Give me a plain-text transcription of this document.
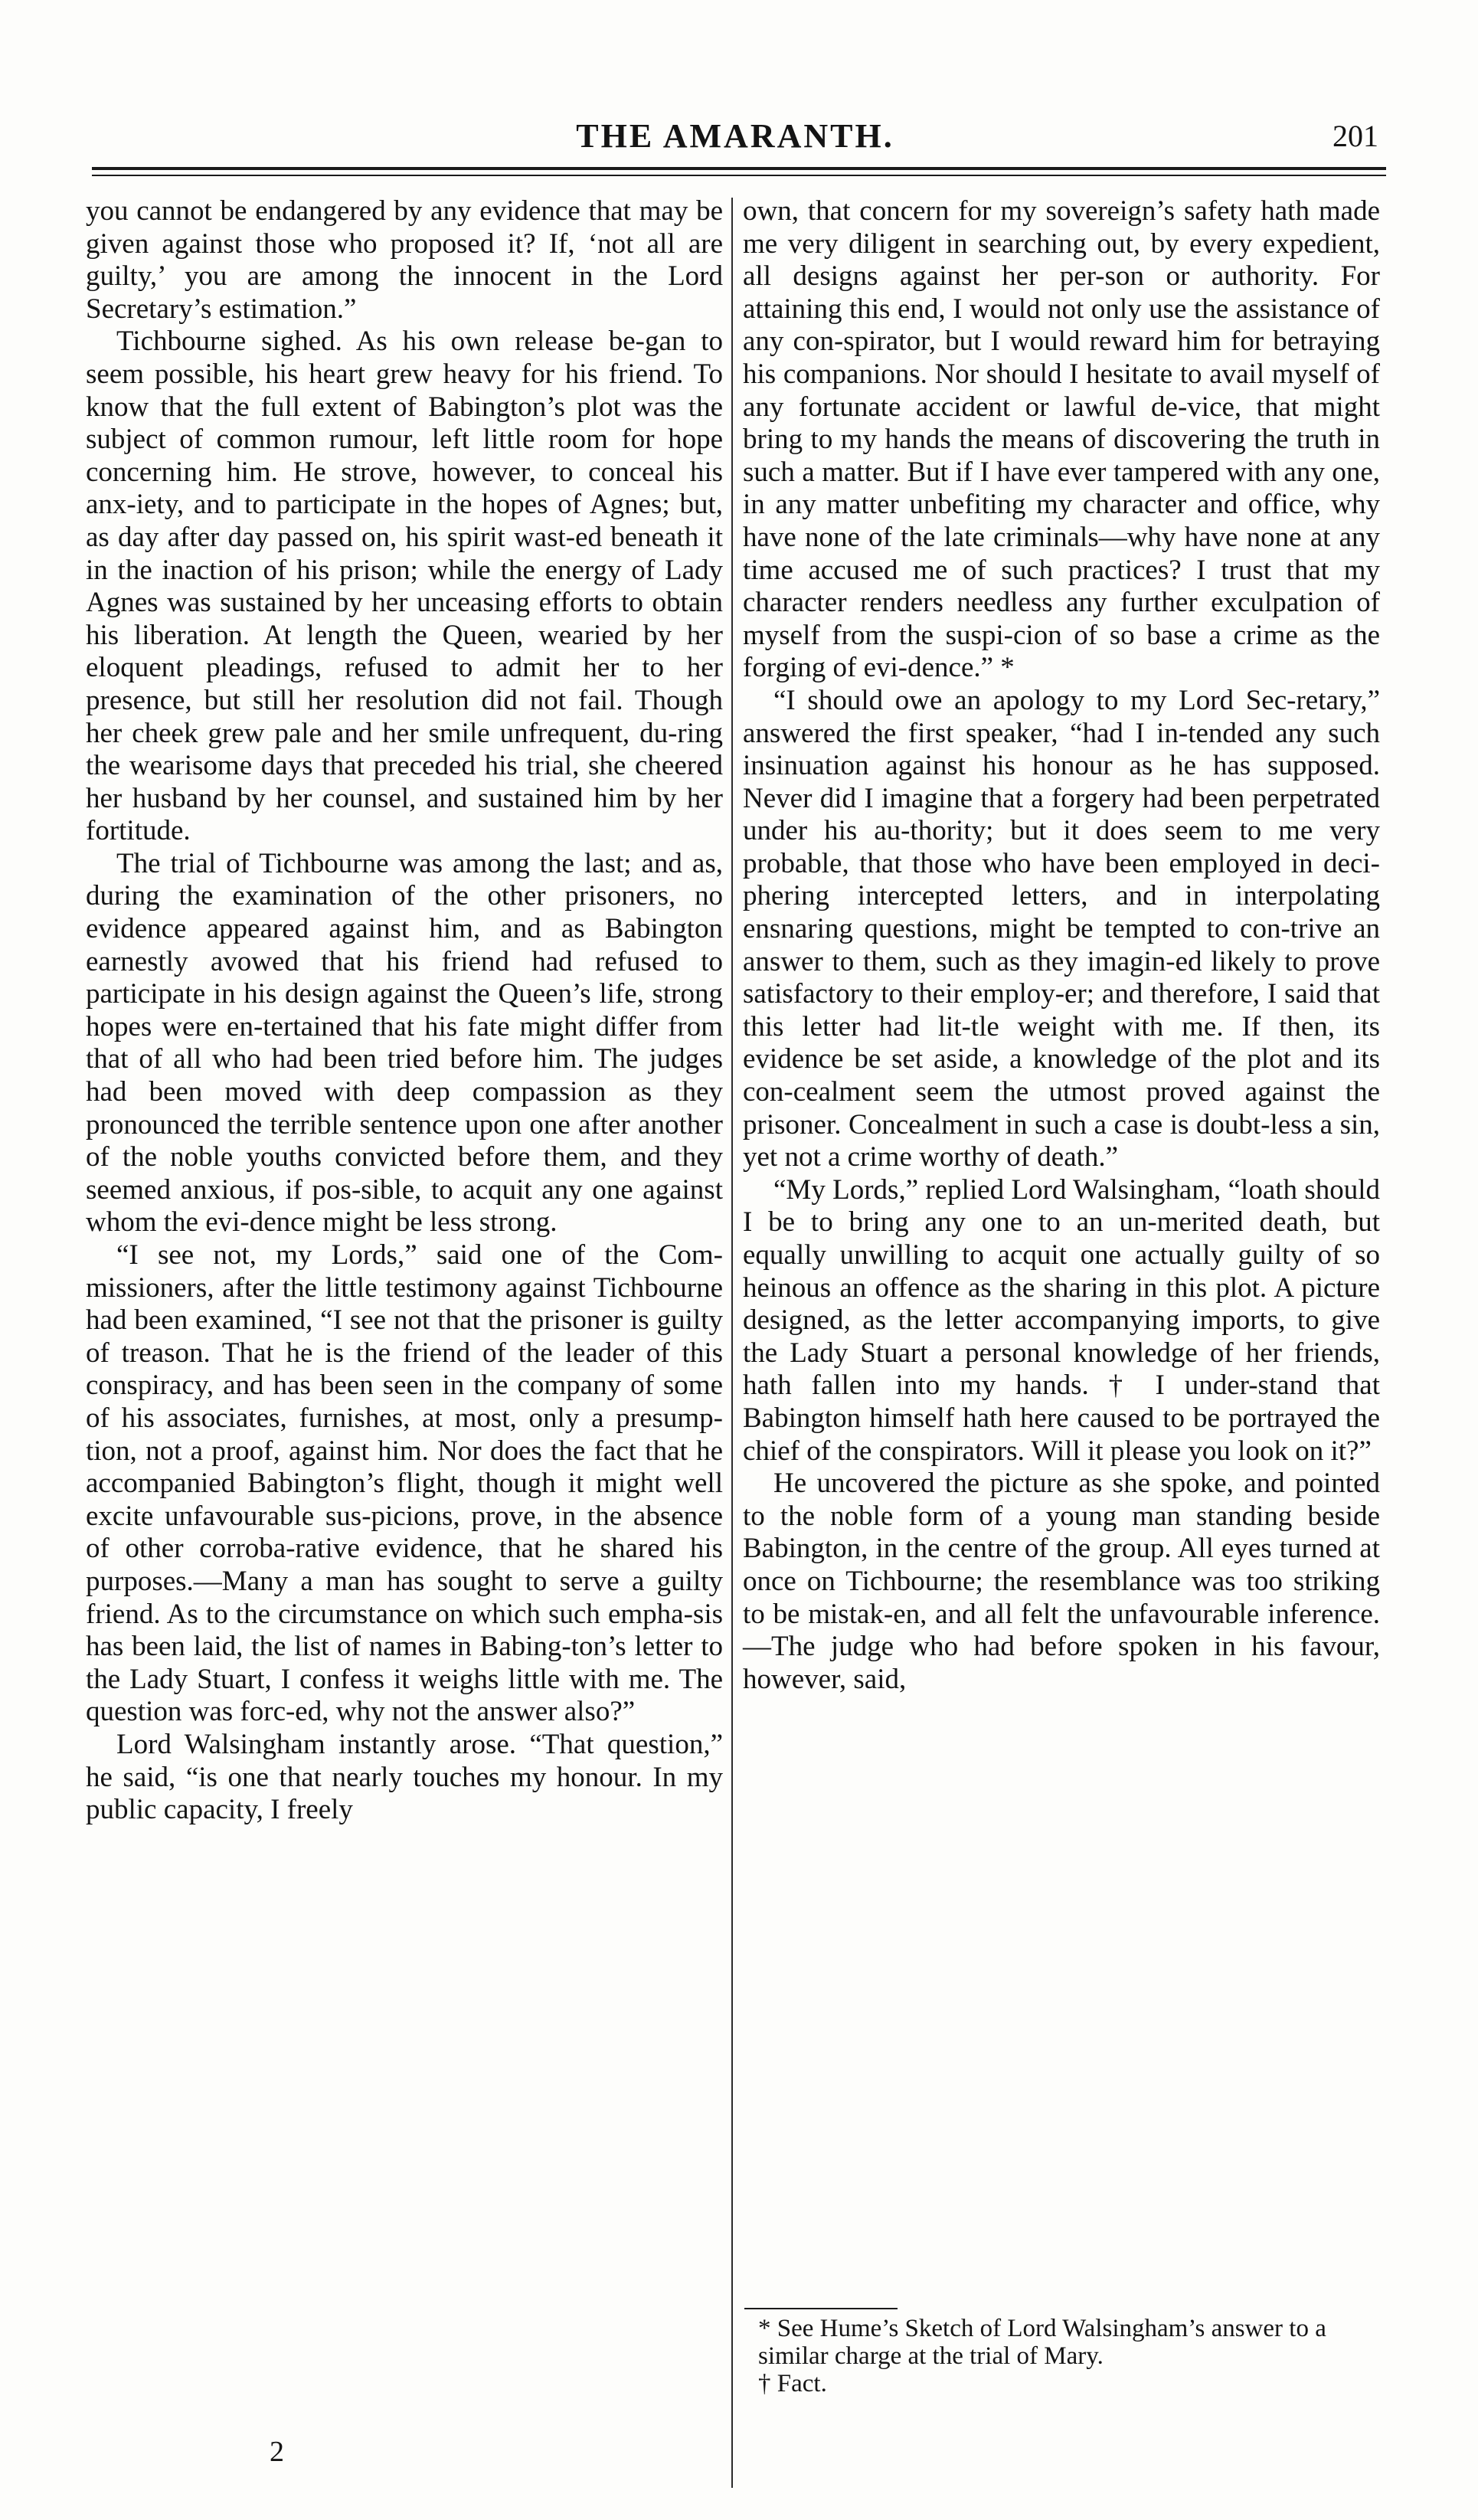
THE AMARANTH.	201

you cannot be endangered by any evidence that may be given against those who proposed it? If, ‘not all are guilty,’ you are among the innocent in the Lord Secretary’s estimation.”

Tichbourne sighed. As his own release be-gan to seem possible, his heart grew heavy for his friend. To know that the full extent of Babington’s plot was the subject of common rumour, left little room for hope concerning him. He strove, however, to conceal his anx-iety, and to participate in the hopes of Agnes; but, as day after day passed on, his spirit wast-ed beneath it in the inaction of his prison; while the energy of Lady Agnes was sustained by her unceasing efforts to obtain his liberation. At length the Queen, wearied by her eloquent pleadings, refused to admit her to her presence, but still her resolution did not fail. Though her cheek grew pale and her smile unfrequent, du-ring the wearisome days that preceded his trial, she cheered her husband by her counsel, and sustained him by her fortitude.

The trial of Tichbourne was among the last; and as, during the examination of the other prisoners, no evidence appeared against him, and as Babington earnestly avowed that his friend had refused to participate in his design against the Queen’s life, strong hopes were en-tertained that his fate might differ from that of all who had been tried before him. The judges had been moved with deep compassion as they pronounced the terrible sentence upon one after another of the noble youths convicted before them, and they seemed anxious, if pos-sible, to acquit any one against whom the evi-dence might be less strong.

“I see not, my Lords,” said one of the Com-missioners, after the little testimony against Tichbourne had been examined, “I see not that the prisoner is guilty of treason. That he is the friend of the leader of this conspiracy, and has been seen in the company of some of his associates, furnishes, at most, only a presump-tion, not a proof, against him. Nor does the fact that he accompanied Babington’s flight, though it might well excite unfavourable sus-picions, prove, in the absence of other corroba-rative evidence, that he shared his purposes.—Many a man has sought to serve a guilty friend. As to the circumstance on which such empha-sis has been laid, the list of names in Babing-ton’s letter to the Lady Stuart, I confess it weighs little with me. The question was forc-ed, why not the answer also?”

Lord Walsingham instantly arose. “That question,” he said, “is one that nearly touches my honour. In my public capacity, I freely

own, that concern for my sovereign’s safety hath made me very diligent in searching out, by every expedient, all designs against her per-son or authority. For attaining this end, I would not only use the assistance of any con-spirator, but I would reward him for betraying his companions. Nor should I hesitate to avail myself of any fortunate accident or lawful de-vice, that might bring to my hands the means of discovering the truth in such a matter. But if I have ever tampered with any one, in any matter unbefiting my character and office, why have none of the late criminals—why have none at any time accused me of such practices? I trust that my character renders needless any further exculpation of myself from the suspi-cion of so base a crime as the forging of evi-dence.” *

“I should owe an apology to my Lord Sec-retary,” answered the first speaker, “had I in-tended any such insinuation against his honour as he has supposed. Never did I imagine that a forgery had been perpetrated under his au-thority; but it does seem to me very probable, that those who have been employed in deci-phering intercepted letters, and in interpolating ensnaring questions, might be tempted to con-trive an answer to them, such as they imagin-ed likely to prove satisfactory to their employ-er; and therefore, I said that this letter had lit-tle weight with me. If then, its evidence be set aside, a knowledge of the plot and its con-cealment seem the utmost proved against the prisoner. Concealment in such a case is doubt-less a sin, yet not a crime worthy of death.”

“My Lords,” replied Lord Walsingham, “loath should I be to bring any one to an un-merited death, but equally unwilling to acquit one actually guilty of so heinous an offence as the sharing in this plot. A picture designed, as the letter accompanying imports, to give the Lady Stuart a personal knowledge of her friends, hath fallen into my hands. † I under-stand that Babington himself hath here caused to be portrayed the chief of the conspirators. Will it please you look on it?”

He uncovered the picture as she spoke, and pointed to the noble form of a young man standing beside Babington, in the centre of the group. All eyes turned at once on Tichbourne; the resemblance was too striking to be mistak-en, and all felt the unfavourable inference.—The judge who had before spoken in his favour, however, said,

* See Hume’s Sketch of Lord Walsingham’s answer to a similar charge at the trial of Mary.
† Fact.
2
